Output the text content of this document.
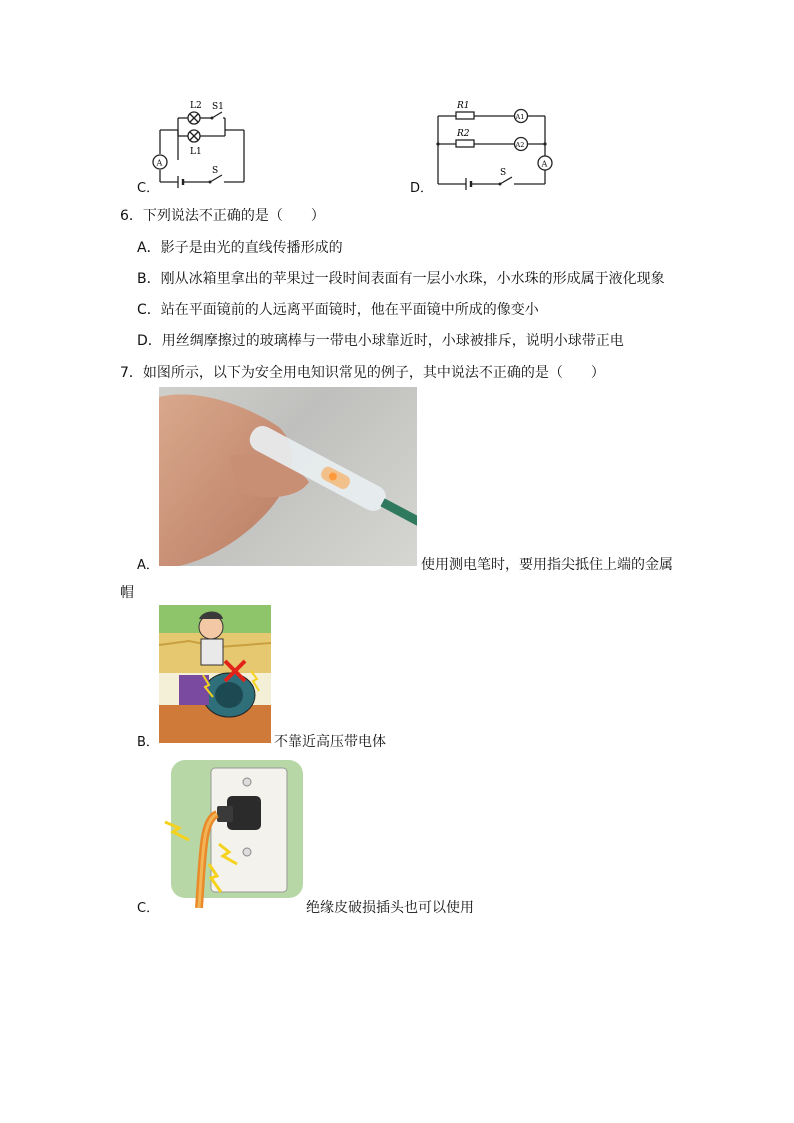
C．
L2 S1
L1
A
S
D．
R1
R2
A1
A2
A
S
6．下列说法不正确的是（　　）
A．影子是由光的直线传播形成的
B．刚从冰箱里拿出的苹果过一段时间表面有一层小水珠，小水珠的形成属于液化现象
C．站在平面镜前的人远离平面镜时，他在平面镜中所成的像变小
D．用丝绸摩擦过的玻璃棒与一带电小球靠近时，小球被排斥，说明小球带正电
7．如图所示，以下为安全用电知识常见的例子，其中说法不正确的是（　　）
A．	使用测电笔时，要用指尖抵住上端的金属
帽
B．	不靠近高压带电体
C．	绝缘皮破损插头也可以使用
